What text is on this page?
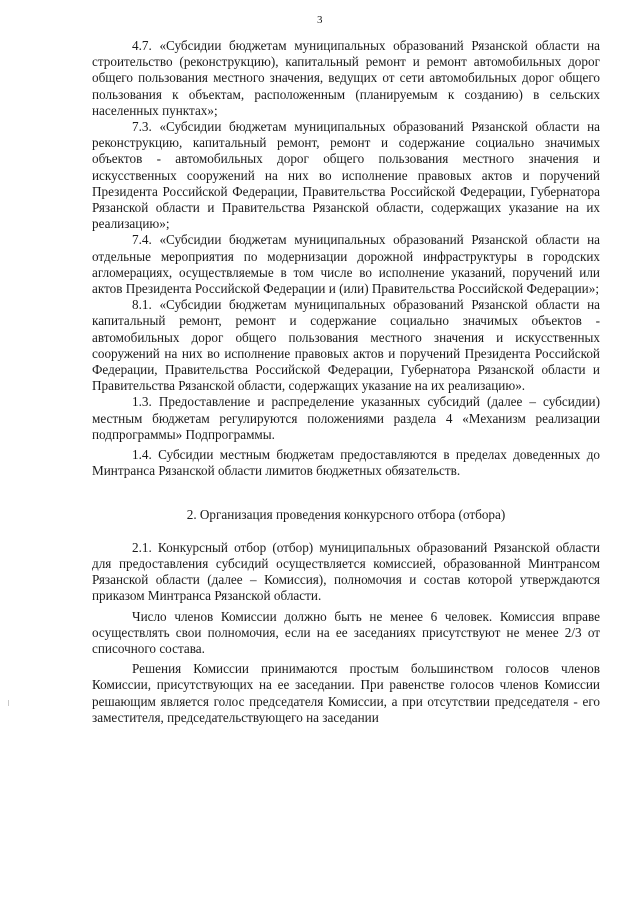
3

4.7. «Субсидии бюджетам муниципальных образований Рязанской области на строительство (реконструкцию), капитальный ремонт и ремонт автомобильных дорог общего пользования местного значения, ведущих от сети автомобильных дорог общего пользования к объектам, расположенным (планируемым к созданию) в сельских населенных пунктах»;

7.3. «Субсидии бюджетам муниципальных образований Рязанской области на реконструкцию, капитальный ремонт, ремонт и содержание социально значимых объектов - автомобильных дорог общего пользования местного значения и искусственных сооружений на них во исполнение правовых актов и поручений Президента Российской Федерации, Правительства Российской Федерации, Губернатора Рязанской области и Правительства Рязанской области, содержащих указание на их реализацию»;

7.4. «Субсидии бюджетам муниципальных образований Рязанской области на отдельные мероприятия по модернизации дорожной инфраструктуры в городских агломерациях, осуществляемые в том числе во исполнение указаний, поручений или актов Президента Российской Федерации и (или) Правительства Российской Федерации»;

8.1. «Субсидии бюджетам муниципальных образований Рязанской области на капитальный ремонт, ремонт и содержание социально значимых объектов - автомобильных дорог общего пользования местного значения и искусственных сооружений на них во исполнение правовых актов и поручений Президента Российской Федерации, Правительства Российской Федерации, Губернатора Рязанской области и Правительства Рязанской области, содержащих указание на их реализацию».

1.3. Предоставление и распределение указанных субсидий (далее – субсидии) местным бюджетам регулируются положениями раздела 4 «Механизм реализации подпрограммы» Подпрограммы.

1.4. Субсидии местным бюджетам предоставляются в пределах доведенных до Минтранса Рязанской области лимитов бюджетных обязательств.

2. Организация проведения конкурсного отбора (отбора)

2.1. Конкурсный отбор (отбор) муниципальных образований Рязанской области для предоставления субсидий осуществляется комиссией, образованной Минтрансом Рязанской области (далее – Комиссия), полномочия и состав которой утверждаются приказом Минтранса Рязанской области.

Число членов Комиссии должно быть не менее 6 человек. Комиссия вправе осуществлять свои полномочия, если на ее заседаниях присутствуют не менее 2/3 от списочного состава.

Решения Комиссии принимаются простым большинством голосов членов Комиссии, присутствующих на ее заседании. При равенстве голосов членов Комиссии решающим является голос председателя Комиссии, а при отсутствии председателя - его заместителя, председательствующего на заседании
